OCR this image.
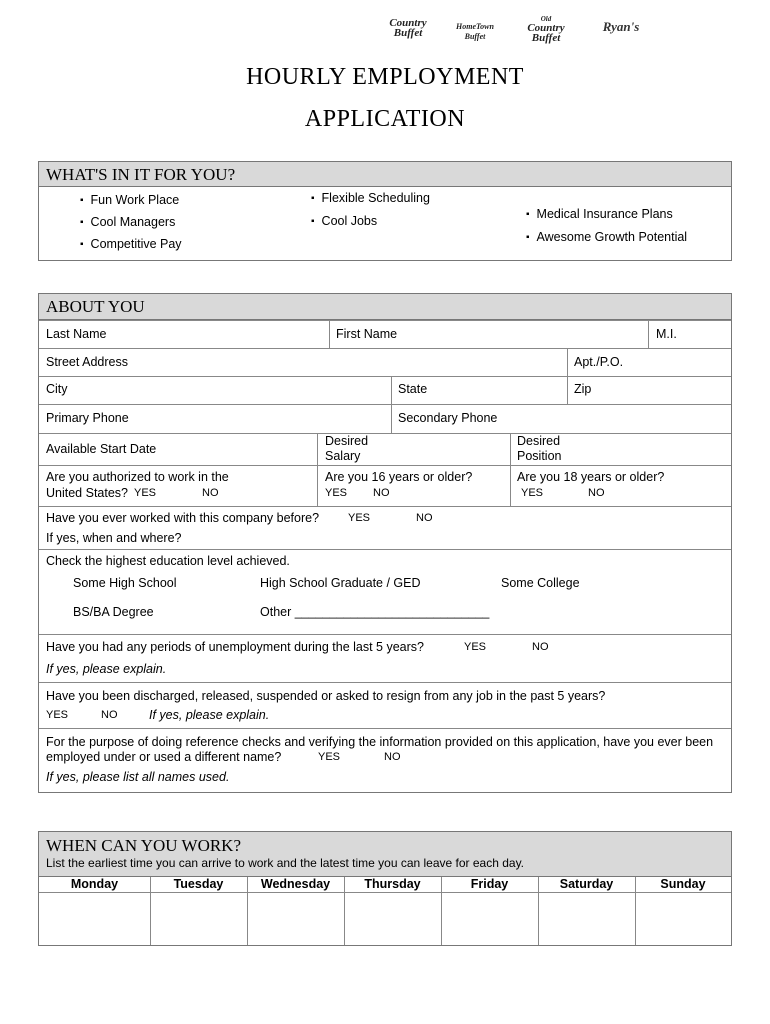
Country Buffet
HomeTown Buffet
Old
Country Buffet
Ryan's
HOURLY EMPLOYMENT
APPLICATION
WHAT'S IN IT FOR YOU?
▪ Fun Work Place
▪ Cool Managers
▪ Competitive Pay
▪ Flexible Scheduling
▪ Cool Jobs
▪	Medical Insurance Plans
▪ Awesome Growth Potential
ABOUT YOU
Last Name	First Name	M.I.
Street Address	Apt./P.O.
City	State	Zip
Primary Phone	Secondary Phone
Available Start Date
Desired
Salary
Desired
Position
Are you authorized to work in the
United States? YES	NO
Are you 16 years or older?
YES NO
Are you 18 years or older?
YES	NO
Have you ever worked with this company before?	YES	NO
If yes, when and where?
Check the highest education level achieved.
Some High School	High School Graduate / GED	Some College
BS/BA Degree	Other ____________________________
Have you had any periods of unemployment during the last 5 years?	YES	NO
If yes, please explain.
Have you been discharged, released, suspended or asked to resign from any job in the past 5 years?
YES	NO	If yes, please explain.
For the purpose of doing reference checks and verifying the information provided on this application, have you ever been
employed under or used a different name?	YES	NO
If yes, please list all names used.
WHEN CAN YOU WORK?
List the earliest time you can arrive to work and the latest time you can leave for each day.
Monday	Tuesday	Wednesday	Thursday	Friday	Saturday	Sunday
